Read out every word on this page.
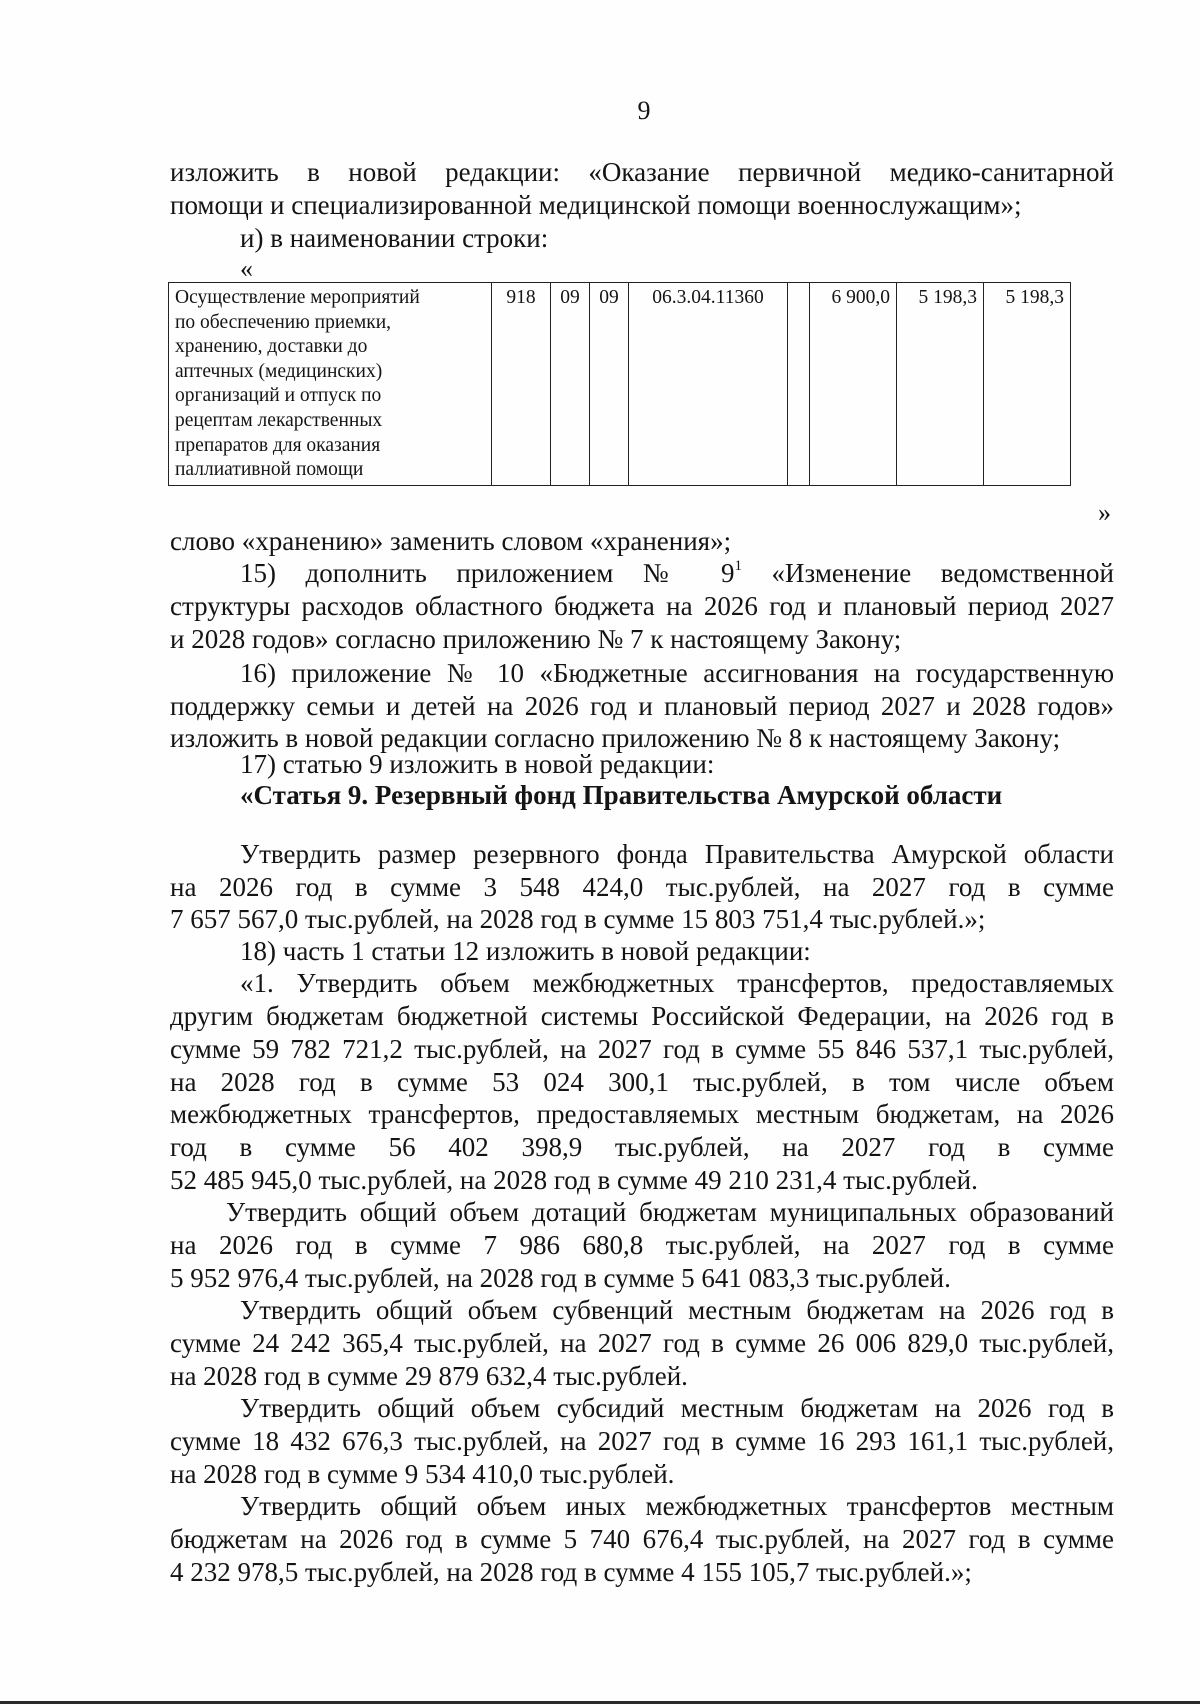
9
изложить в новой редакции: «Оказание первичной медико-санитарной
помощи и специализированной медицинской помощи военнослужащим»;
и) в наименовании строки:
«
Осуществление мероприятий
по обеспечению приемки,
хранению, доставки до
аптечных (медицинских)
организаций и отпуск по
рецептам лекарственных
препаратов для оказания
паллиативной помощи
	918	09	09	06.3.04.11360		6 900,0	5 198,3	5 198,3
»
слово «хранению» заменить словом «хранения»;
15) дополнить приложением № $9^1$ «Изменение ведомственной
структуры расходов областного бюджета на 2026 год и плановый период 2027
и 2028 годов» согласно приложению № 7 к настоящему Закону;
16) приложение № 10 «Бюджетные ассигнования на государственную
поддержку семьи и детей на 2026 год и плановый период 2027 и 2028 годов»
изложить в новой редакции согласно приложению № 8 к настоящему Закону;
17) статью 9 изложить в новой редакции:
«Статья 9. Резервный фонд Правительства Амурской области
Утвердить размер резервного фонда Правительства Амурской области
на 2026 год в сумме 3 548 424,0 тыс.рублей, на 2027 год в сумме
7 657 567,0 тыс.рублей, на 2028 год в сумме 15 803 751,4 тыс.рублей.»;
18) часть 1 статьи 12 изложить в новой редакции:
«1. Утвердить объем межбюджетных трансфертов, предоставляемых
другим бюджетам бюджетной системы Российской Федерации, на 2026 год в
сумме 59 782 721,2 тыс.рублей, на 2027 год в сумме 55 846 537,1 тыс.рублей,
на 2028 год в сумме 53 024 300,1 тыс.рублей, в том числе объем
межбюджетных трансфертов, предоставляемых местным бюджетам, на 2026
год в сумме 56 402 398,9 тыс.рублей, на 2027 год в сумме
52 485 945,0 тыс.рублей, на 2028 год в сумме 49 210 231,4 тыс.рублей.
Утвердить общий объем дотаций бюджетам муниципальных образований
на 2026 год в сумме 7 986 680,8 тыс.рублей, на 2027 год в сумме
5 952 976,4 тыс.рублей, на 2028 год в сумме 5 641 083,3 тыс.рублей.
Утвердить общий объем субвенций местным бюджетам на 2026 год в
сумме 24 242 365,4 тыс.рублей, на 2027 год в сумме 26 006 829,0 тыс.рублей,
на 2028 год в сумме 29 879 632,4 тыс.рублей.
Утвердить общий объем субсидий местным бюджетам на 2026 год в
сумме 18 432 676,3 тыс.рублей, на 2027 год в сумме 16 293 161,1 тыс.рублей,
на 2028 год в сумме 9 534 410,0 тыс.рублей.
Утвердить общий объем иных межбюджетных трансфертов местным
бюджетам на 2026 год в сумме 5 740 676,4 тыс.рублей, на 2027 год в сумме
4 232 978,5 тыс.рублей, на 2028 год в сумме 4 155 105,7 тыс.рублей.»;
